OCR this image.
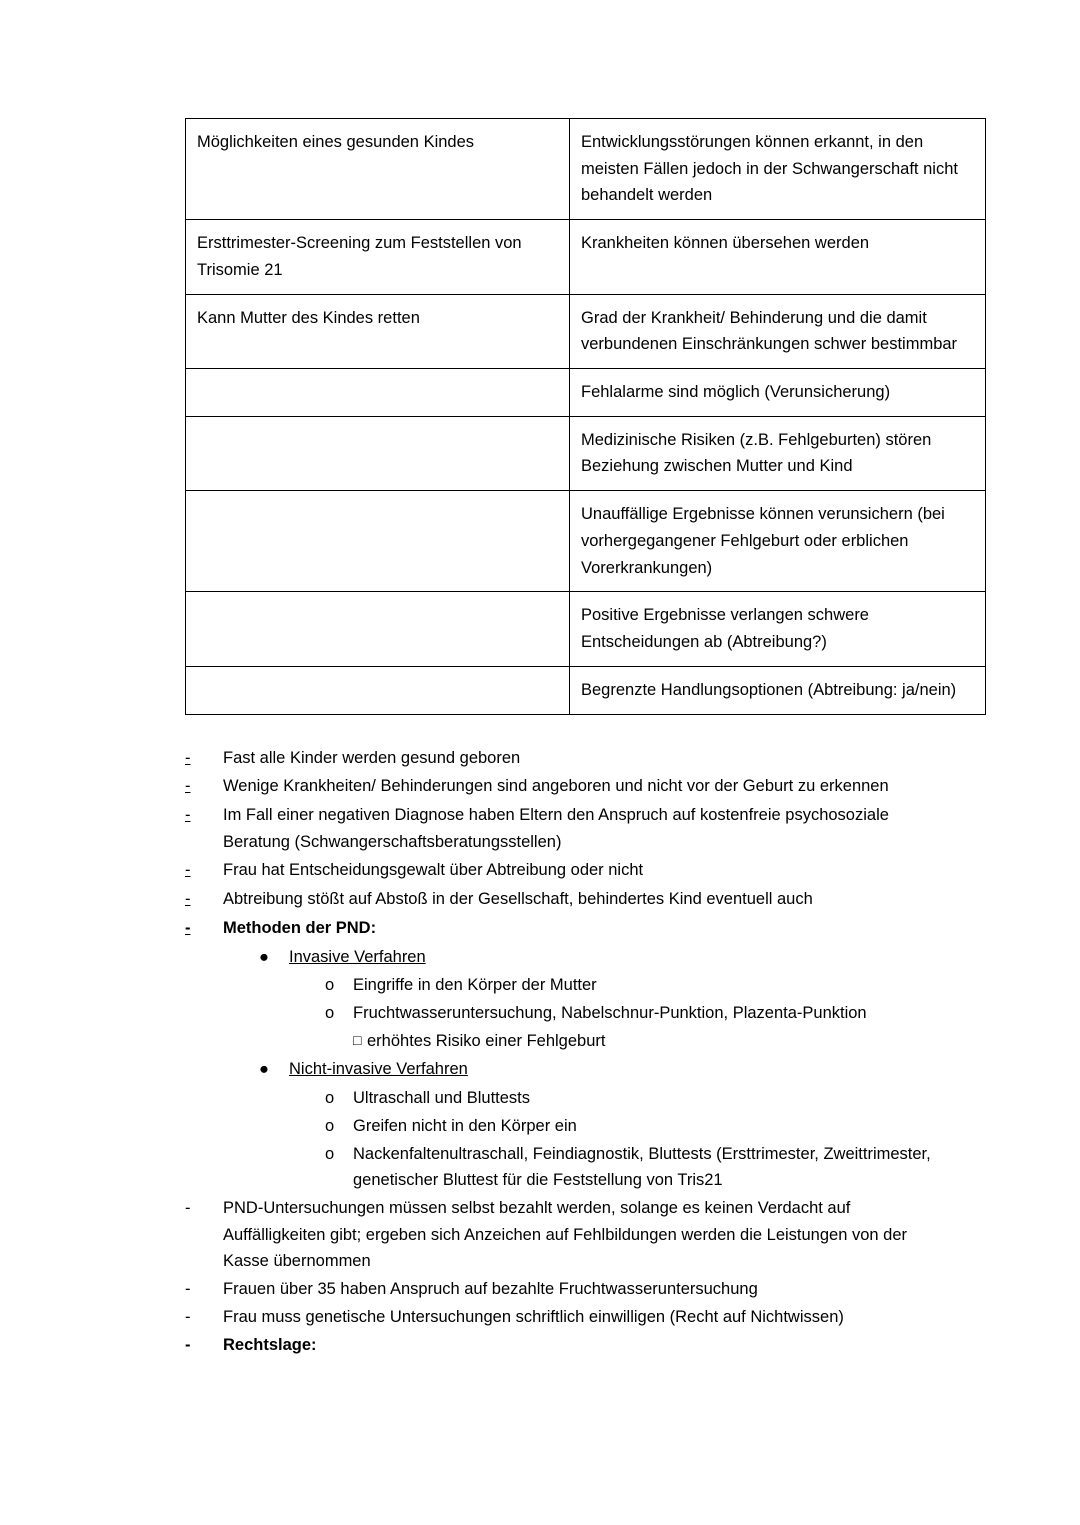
Möglichkeiten eines gesunden Kindes	Entwicklungsstörungen können erkannt, in den meisten Fällen jedoch in der Schwangerschaft nicht behandelt werden
Ersttrimester-Screening zum Feststellen von Trisomie 21	Krankheiten können übersehen werden
Kann Mutter des Kindes retten	Grad der Krankheit/ Behinderung und die damit verbundenen Einschränkungen schwer bestimmbar
	Fehlalarme sind möglich (Verunsicherung)
	Medizinische Risiken (z.B. Fehlgeburten) stören Beziehung zwischen Mutter und Kind
	Unauffällige Ergebnisse können verunsichern (bei vorhergegangener Fehlgeburt oder erblichen Vorerkrankungen)
	Positive Ergebnisse verlangen schwere Entscheidungen ab (Abtreibung?)
	Begrenzte Handlungsoptionen (Abtreibung: ja/nein)
-	Fast alle Kinder werden gesund geboren
-	Wenige Krankheiten/ Behinderungen sind angeboren und nicht vor der Geburt zu erkennen
-	Im Fall einer negativen Diagnose haben Eltern den Anspruch auf kostenfreie psychosoziale Beratung (Schwangerschaftsberatungsstellen)
-	Frau hat Entscheidungsgewalt über Abtreibung oder nicht
-	Abtreibung stößt auf Abstoß in der Gesellschaft, behindertes Kind eventuell auch
-	Methoden der PND:
●	Invasive Verfahren
o	Eingriffe in den Körper der Mutter
o	Fruchtwasseruntersuchung, Nabelschnur-Punktion, Plazenta-Punktion
□ erhöhtes Risiko einer Fehlgeburt
●	Nicht-invasive Verfahren
o	Ultraschall und Bluttests
o	Greifen nicht in den Körper ein
o	Nackenfaltenultraschall, Feindiagnostik, Bluttests (Ersttrimester, Zweittrimester, genetischer Bluttest für die Feststellung von Tris21
-	PND-Untersuchungen müssen selbst bezahlt werden, solange es keinen Verdacht auf Auffälligkeiten gibt; ergeben sich Anzeichen auf Fehlbildungen werden die Leistungen von der Kasse übernommen
-	Frauen über 35 haben Anspruch auf bezahlte Fruchtwasseruntersuchung
-	Frau muss genetische Untersuchungen schriftlich einwilligen (Recht auf Nichtwissen)
-	Rechtslage:
